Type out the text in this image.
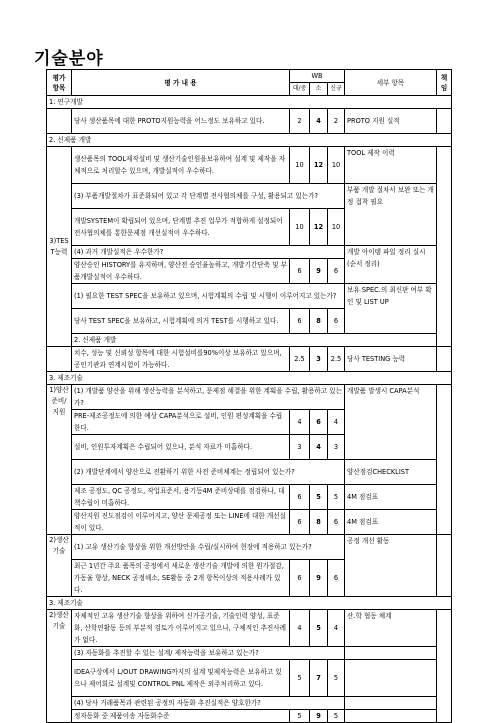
기술분야
평가
항목	평 가 내 용	WB			세부 항목	책
임
		대/중	소	신규		
1. 연구개발						
	당사 생산품목에 대한 PROTO지원능력을 어느정도 보유하고 있다.	2	4	2	PROTO 지원 실적	
2. 신제품 개발						
3)TES
T능력	생산품목의 TOOL제작설비 및 생산기술인원을보유하여 설계 및 제작을 자체적으로 처리할수 있으며, 개발실적이 우수하다.	10	12	10	TOOL 제작 이력	
	(3) 부품개발절차가 표준화되어 있고 각 단계별 전사협의체를 구성, 활용되고 있는가?				부품 개발 절차서 보완 또는 개정 접착 필요	
	개발SYSTEM이 확립되어 있으며, 단계별 추진 업무가 적합하게 설정되어 전사협의체를 통한문제점 개선실적이 우수하다.	10	12	10		
	(4) 과거 개발실적은 우수한가?				개발 아이템 파일 정리 실시(순서 정리)	
	양산승인 HISTORY를 유지하며, 양산전 승인율높하고, 개발기간단축 및 부품개발실적이 우수하다.	6	9	6		
	(1) 필요한 TEST SPEC을 보유하고 있으며, 시험계획의 수립 및 시행이 이루어지고 있는가?				보유 SPEC.의 최신판 여부 확인 및 LIST UP	
	당사 TEST SPEC을 보유하고, 시험계획에 의거 TEST를 시행하고 있다.	6	8	6		
	2. 신제품 개발					
	치수, 성능 및 신뢰성 항목에 대한 시험설비를90%이상 보유하고 있으며, 공인기관과 연계시험이 가능하다.	2.5	3	2.5	당사 TESTING 능력	
3. 제조기술						
1)양산
준비/
지원	(1) 개발품 양산을 위해 생산능력을 분석하고, 문제점 해결을 위한 계획을 수립, 활용하고 있는가?				개발품 발생시 CAPA분석	
	PRE-제조공정도에 의한 예상 CAPA분석으로 설비, 인원 편성계획을 수립한다.	4	6	4		
	설비, 인원투자계획은 수립되어 있으나, 분석 자료가 미흡하다.	3	4	3		
	(2) 개발단계에서 양산으로 전환하기 위한 사전 준비체계는 정립되어 있는가?				양산점검CHECKLIST	
	제조 공정도, QC 공정도, 작업표준서, 용기등4M 준비상태를 점검하나, 대책수립이 미흡하다.	6	5	5	4M 점검표	
	양산지원 진도점검이 이루어지고, 양산 문제공정 또는 LINE에 대한 개선실적이 있다.	6	8	6	4M 점검표	
2)생산
기술	(1) 고유 생산기술 향상을 위한 개선방안을 수립/실시하여 현장에 적용하고 있는가?				공정 개선 활동	
	최근 1년간 주요 품목의 공정에서 새로운 생산기술 개발에 의한 원가절감, 가동율 향상, NECK 공정해소, SE활동 중 2개 항목이상의 적용사례가 있다.	6	9	6		
3. 제조기술						
2)생산
기술	자체적인 고유 생산기술 향상을 위하여 신가공기술, 기술인력 양성, 표준화, 산학연활동 등의 부분적 검토가 이루어지고 있으나, 구체적인 추진사례가 없다.	4	5	4	산.학 협동 체계	
	(3) 자동화를 추진할 수 있는 설계/ 제작능력을 보유하고 있는가?					
	IDEA구상에서 L/OUT DRAWING까지의 설계 및제작능력은 보유하고 있으나 제어회로 설계및 CONTROL PNL 제작은 외주처리하고 있다.	5	7	5		
	(4) 당사 거래품목과 관련된 공정의 자동화 추진실적은 양호한가?					
	정자동화 중 제품이송 자동화수준	5	9	5		
